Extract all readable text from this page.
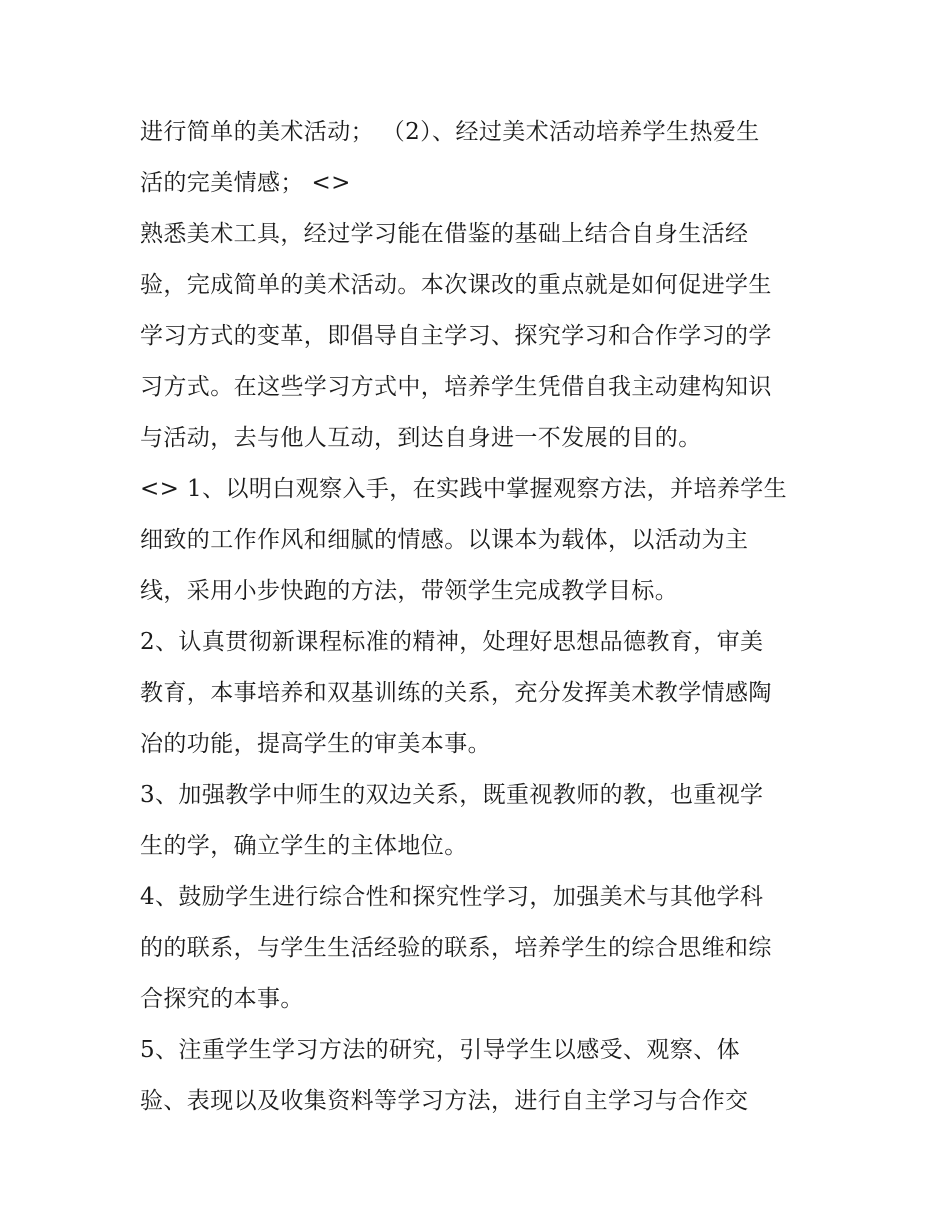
进行简单的美术活动； （2）、经过美术活动培养学生热爱生
活的完美情感； <>
熟悉美术工具，经过学习能在借鉴的基础上结合自身生活经
验，完成简单的美术活动。本次课改的重点就是如何促进学生
学习方式的变革，即倡导自主学习、探究学习和合作学习的学
习方式。在这些学习方式中，培养学生凭借自我主动建构知识
与活动，去与他人互动，到达自身进一不发展的目的。
<> 1、以明白观察入手，在实践中掌握观察方法，并培养学生
细致的工作作风和细腻的情感。以课本为载体，以活动为主
线，采用小步快跑的方法，带领学生完成教学目标。
2、认真贯彻新课程标准的精神，处理好思想品德教育，审美
教育，本事培养和双基训练的关系，充分发挥美术教学情感陶
冶的功能，提高学生的审美本事。
3、加强教学中师生的双边关系，既重视教师的教，也重视学
生的学，确立学生的主体地位。
4、鼓励学生进行综合性和探究性学习，加强美术与其他学科
的的联系，与学生生活经验的联系，培养学生的综合思维和综
合探究的本事。
5、注重学生学习方法的研究，引导学生以感受、观察、体
验、表现以及收集资料等学习方法，进行自主学习与合作交
